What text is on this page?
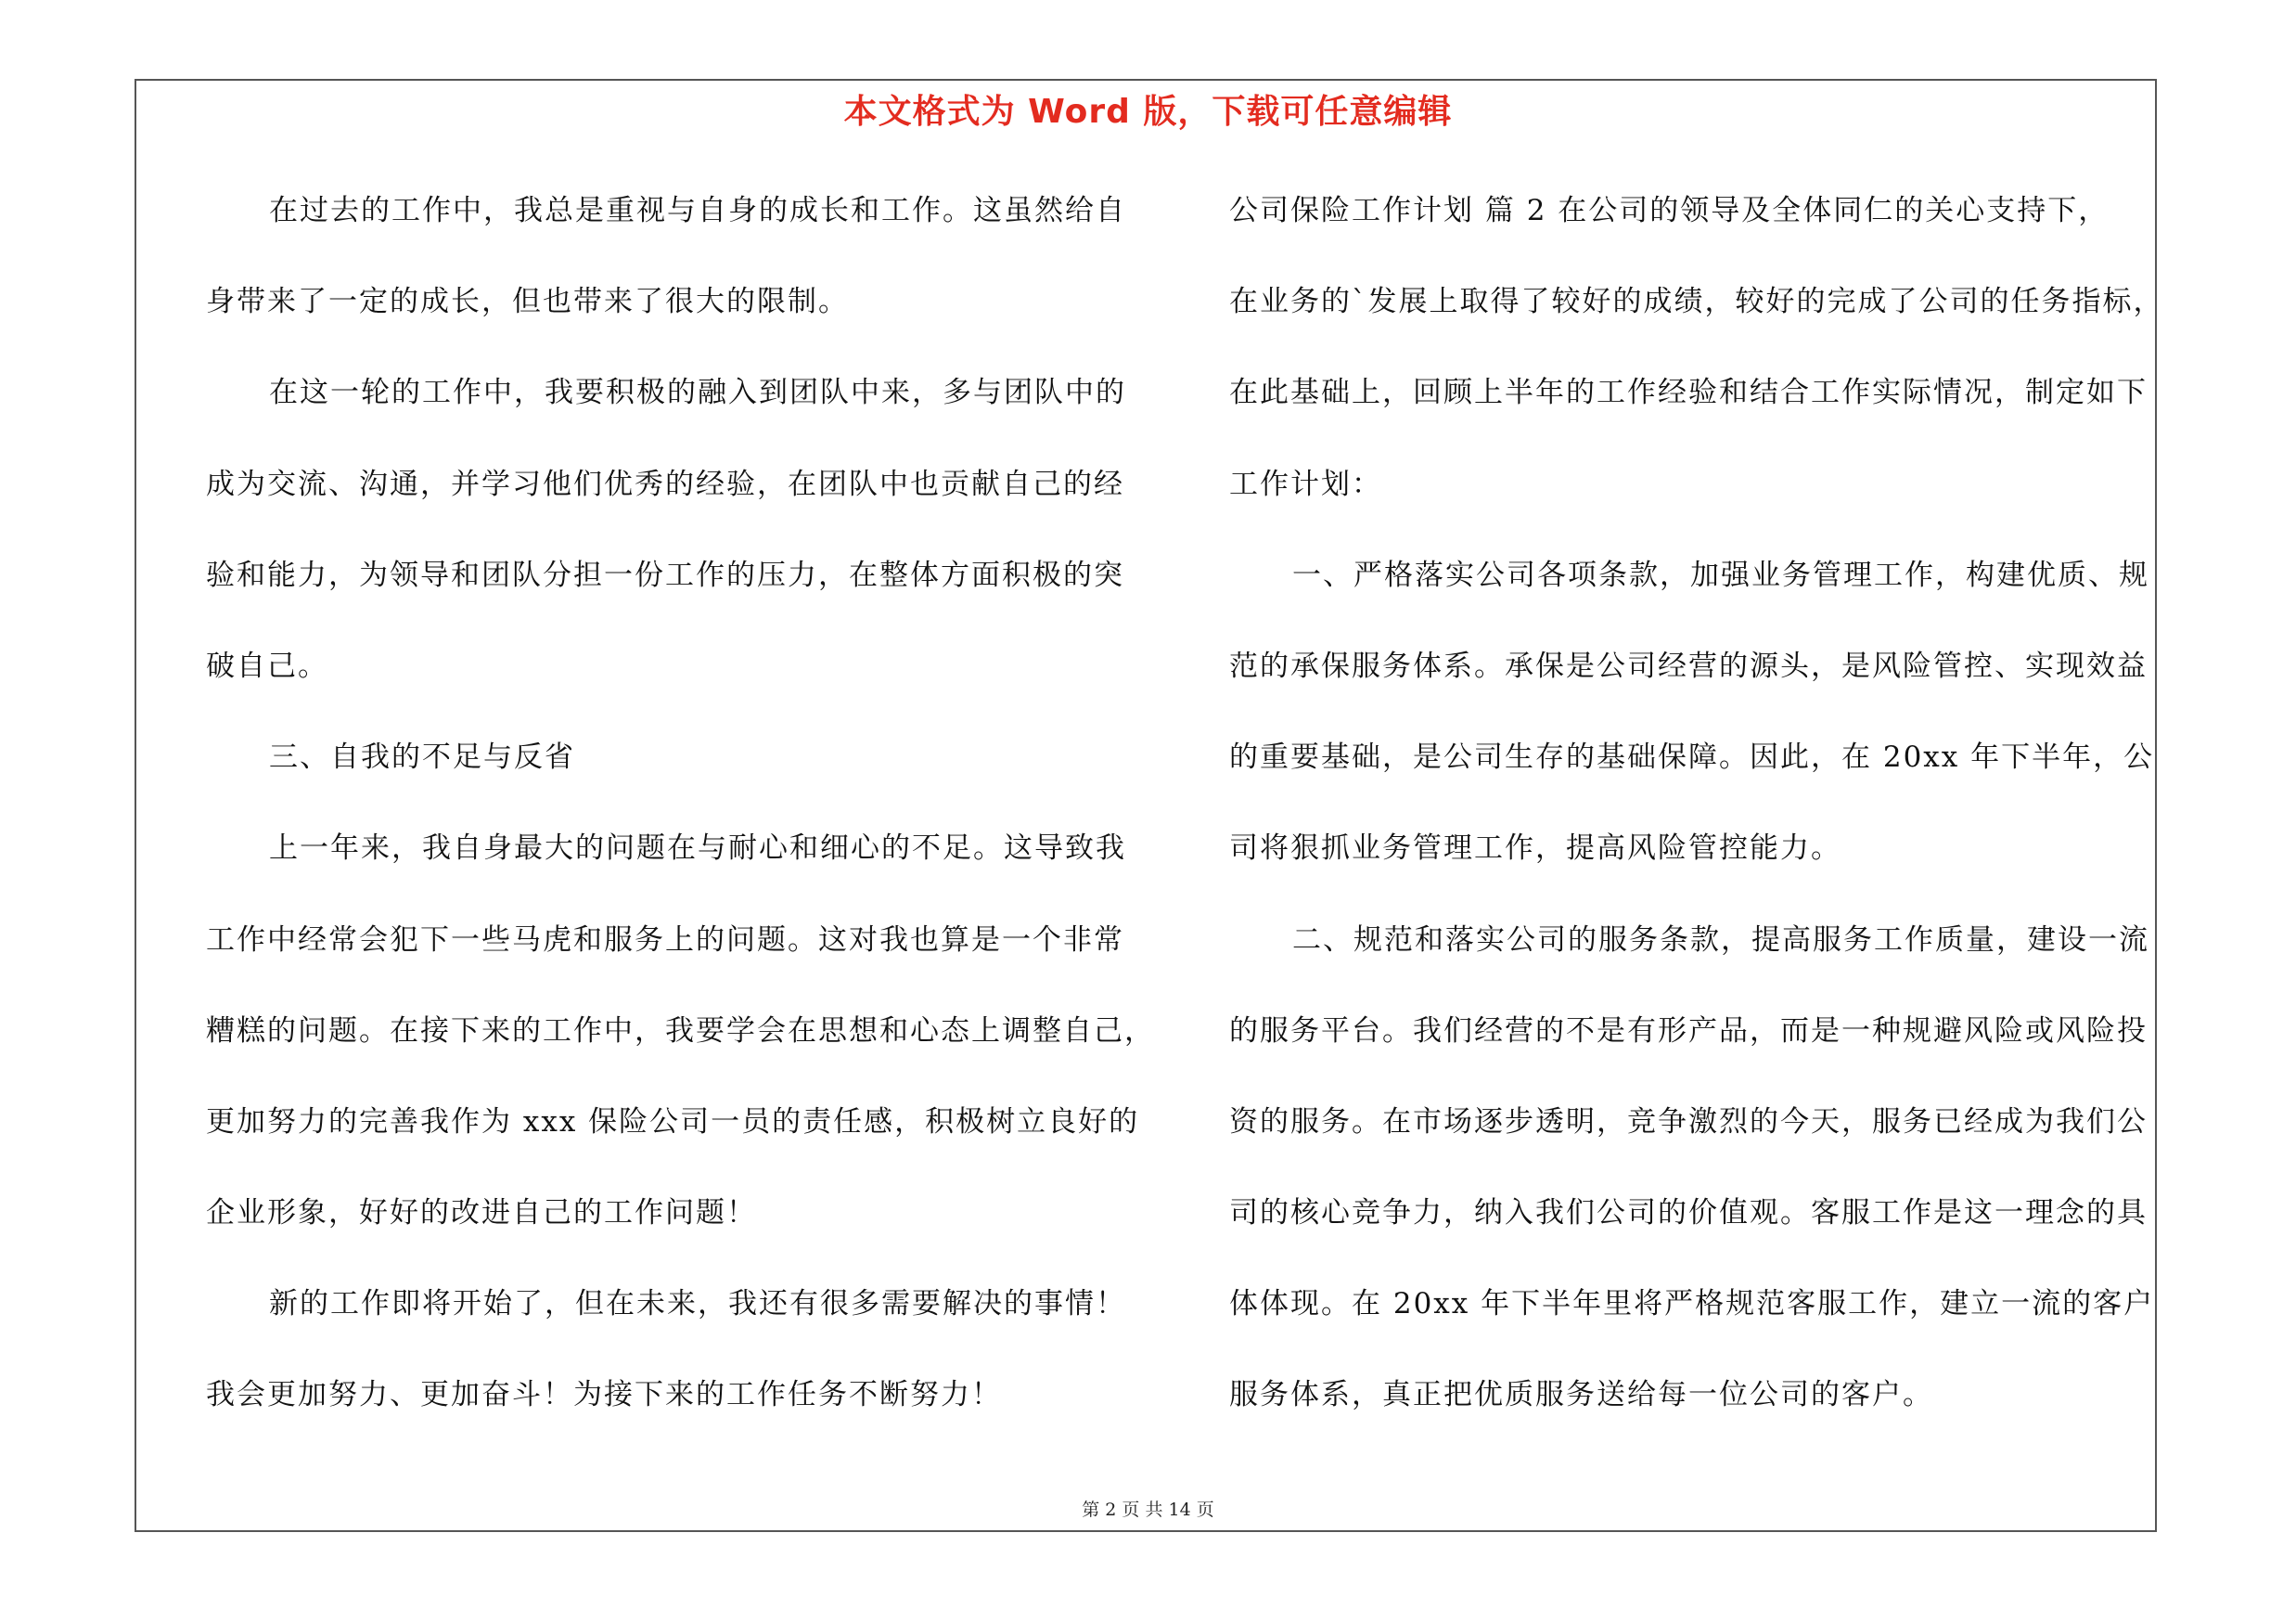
本文格式为 Word 版，下载可任意编辑
在过去的工作中，我总是重视与自身的成长和工作。这虽然给自
身带来了一定的成长，但也带来了很大的限制。
在这一轮的工作中，我要积极的融入到团队中来，多与团队中的
成为交流、沟通，并学习他们优秀的经验，在团队中也贡献自己的经
验和能力，为领导和团队分担一份工作的压力，在整体方面积极的突
破自己。
三、自我的不足与反省
上一年来，我自身最大的问题在与耐心和细心的不足。这导致我
工作中经常会犯下一些马虎和服务上的问题。这对我也算是一个非常
糟糕的问题。在接下来的工作中，我要学会在思想和心态上调整自己，
更加努力的完善我作为 xxx 保险公司一员的责任感，积极树立良好的
企业形象，好好的改进自己的工作问题！
新的工作即将开始了，但在未来，我还有很多需要解决的事情！
我会更加努力、更加奋斗！为接下来的工作任务不断努力！
公司保险工作计划 篇 2 在公司的领导及全体同仁的关心支持下，
在业务的`发展上取得了较好的成绩，较好的完成了公司的任务指标，
在此基础上，回顾上半年的工作经验和结合工作实际情况，制定如下
工作计划：
一、严格落实公司各项条款，加强业务管理工作，构建优质、规
范的承保服务体系。承保是公司经营的源头，是风险管控、实现效益
的重要基础，是公司生存的基础保障。因此，在 20xx 年下半年，公
司将狠抓业务管理工作，提高风险管控能力。
二、规范和落实公司的服务条款，提高服务工作质量，建设一流
的服务平台。我们经营的不是有形产品，而是一种规避风险或风险投
资的服务。在市场逐步透明，竞争激烈的今天，服务已经成为我们公
司的核心竞争力，纳入我们公司的价值观。客服工作是这一理念的具
体体现。在 20xx 年下半年里将严格规范客服工作，建立一流的客户
服务体系，真正把优质服务送给每一位公司的客户。
第 2 页 共 14 页
